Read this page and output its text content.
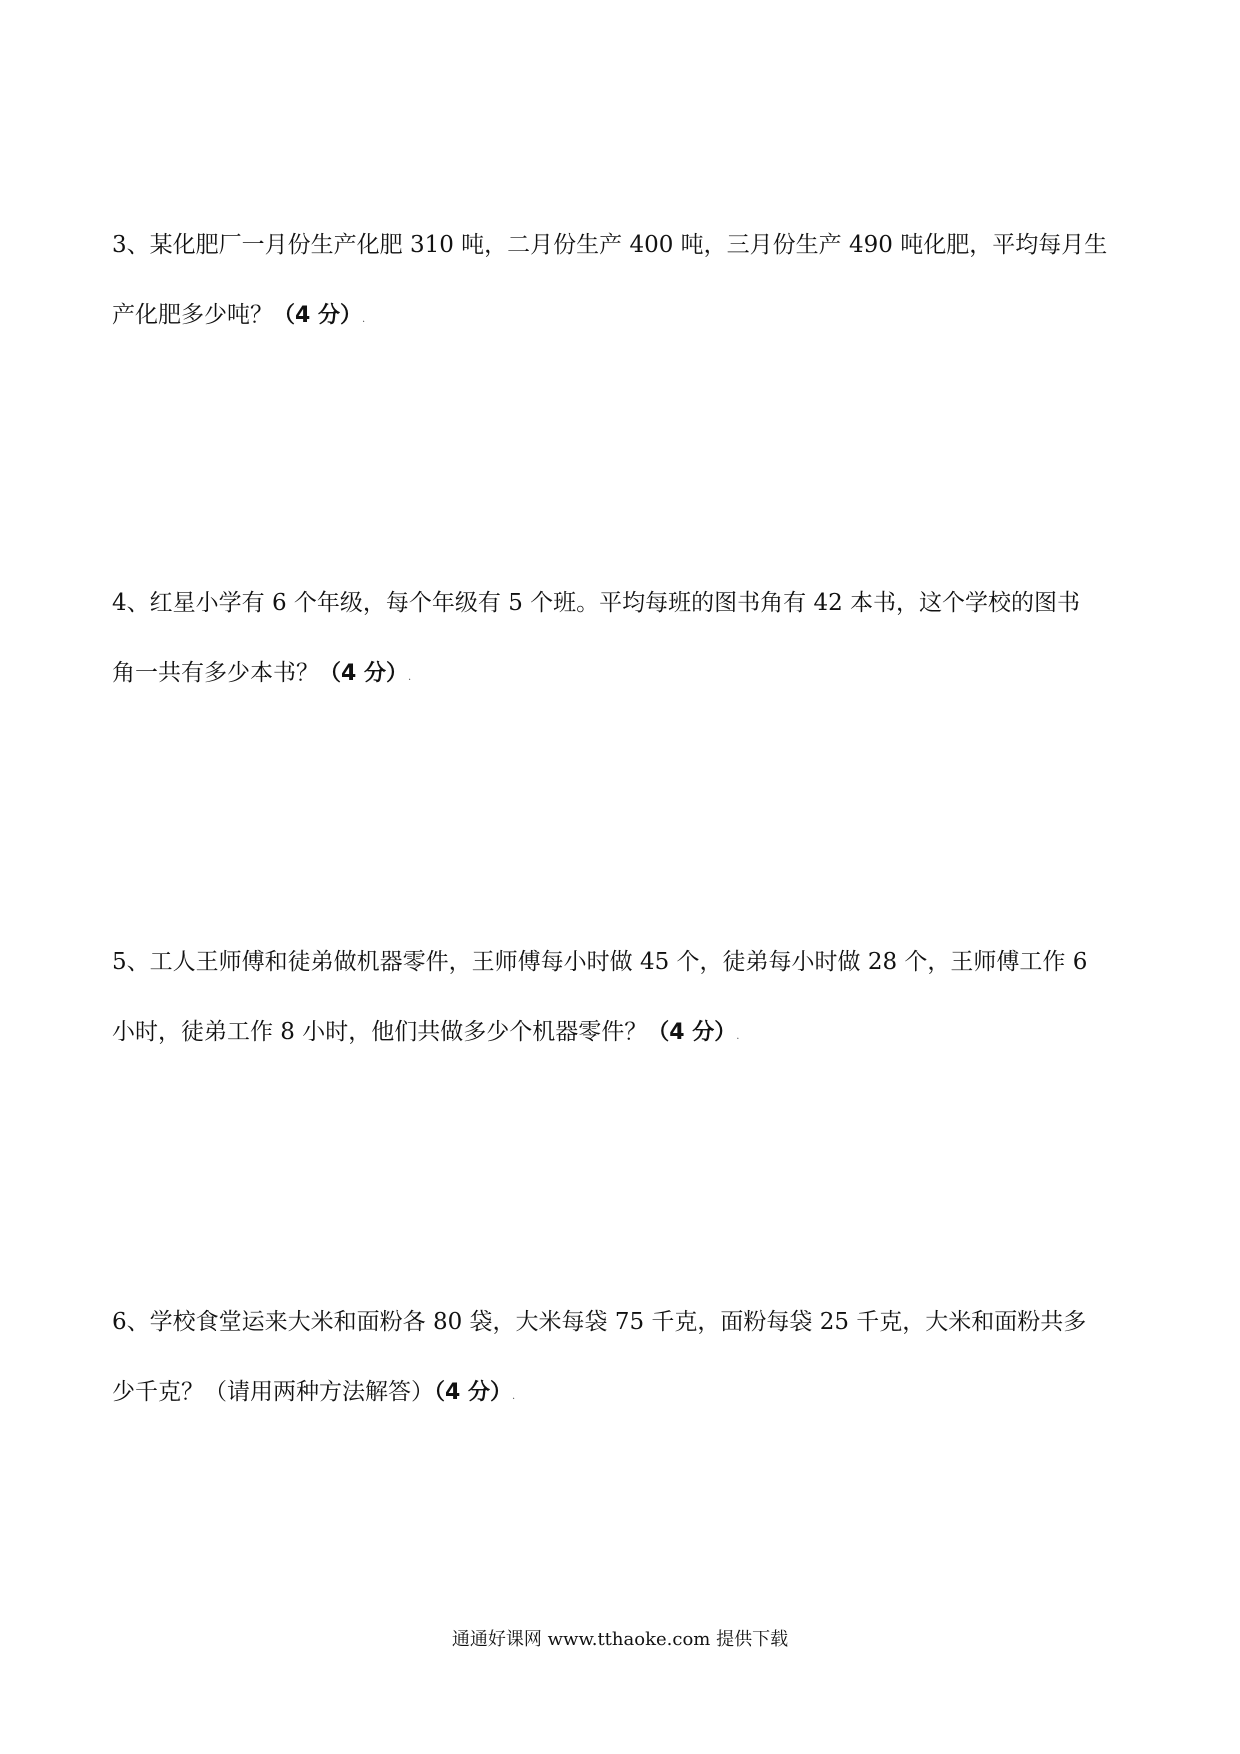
3、某化肥厂一月份生产化肥 310 吨，二月份生产 400 吨，三月份生产 490 吨化肥，平均每月生
产化肥多少吨？（4 分）.
4、红星小学有 6 个年级，每个年级有 5 个班。平均每班的图书角有 42 本书，这个学校的图书
角一共有多少本书？（4 分）.
5、工人王师傅和徒弟做机器零件，王师傅每小时做 45 个，徒弟每小时做 28 个，王师傅工作 6
小时，徒弟工作 8 小时，他们共做多少个机器零件？（4 分）.
6、学校食堂运来大米和面粉各 80 袋，大米每袋 75 千克，面粉每袋 25 千克，大米和面粉共多
少千克？（请用两种方法解答）（4 分）.
通通好课网 www.tthaoke.com 提供下载
